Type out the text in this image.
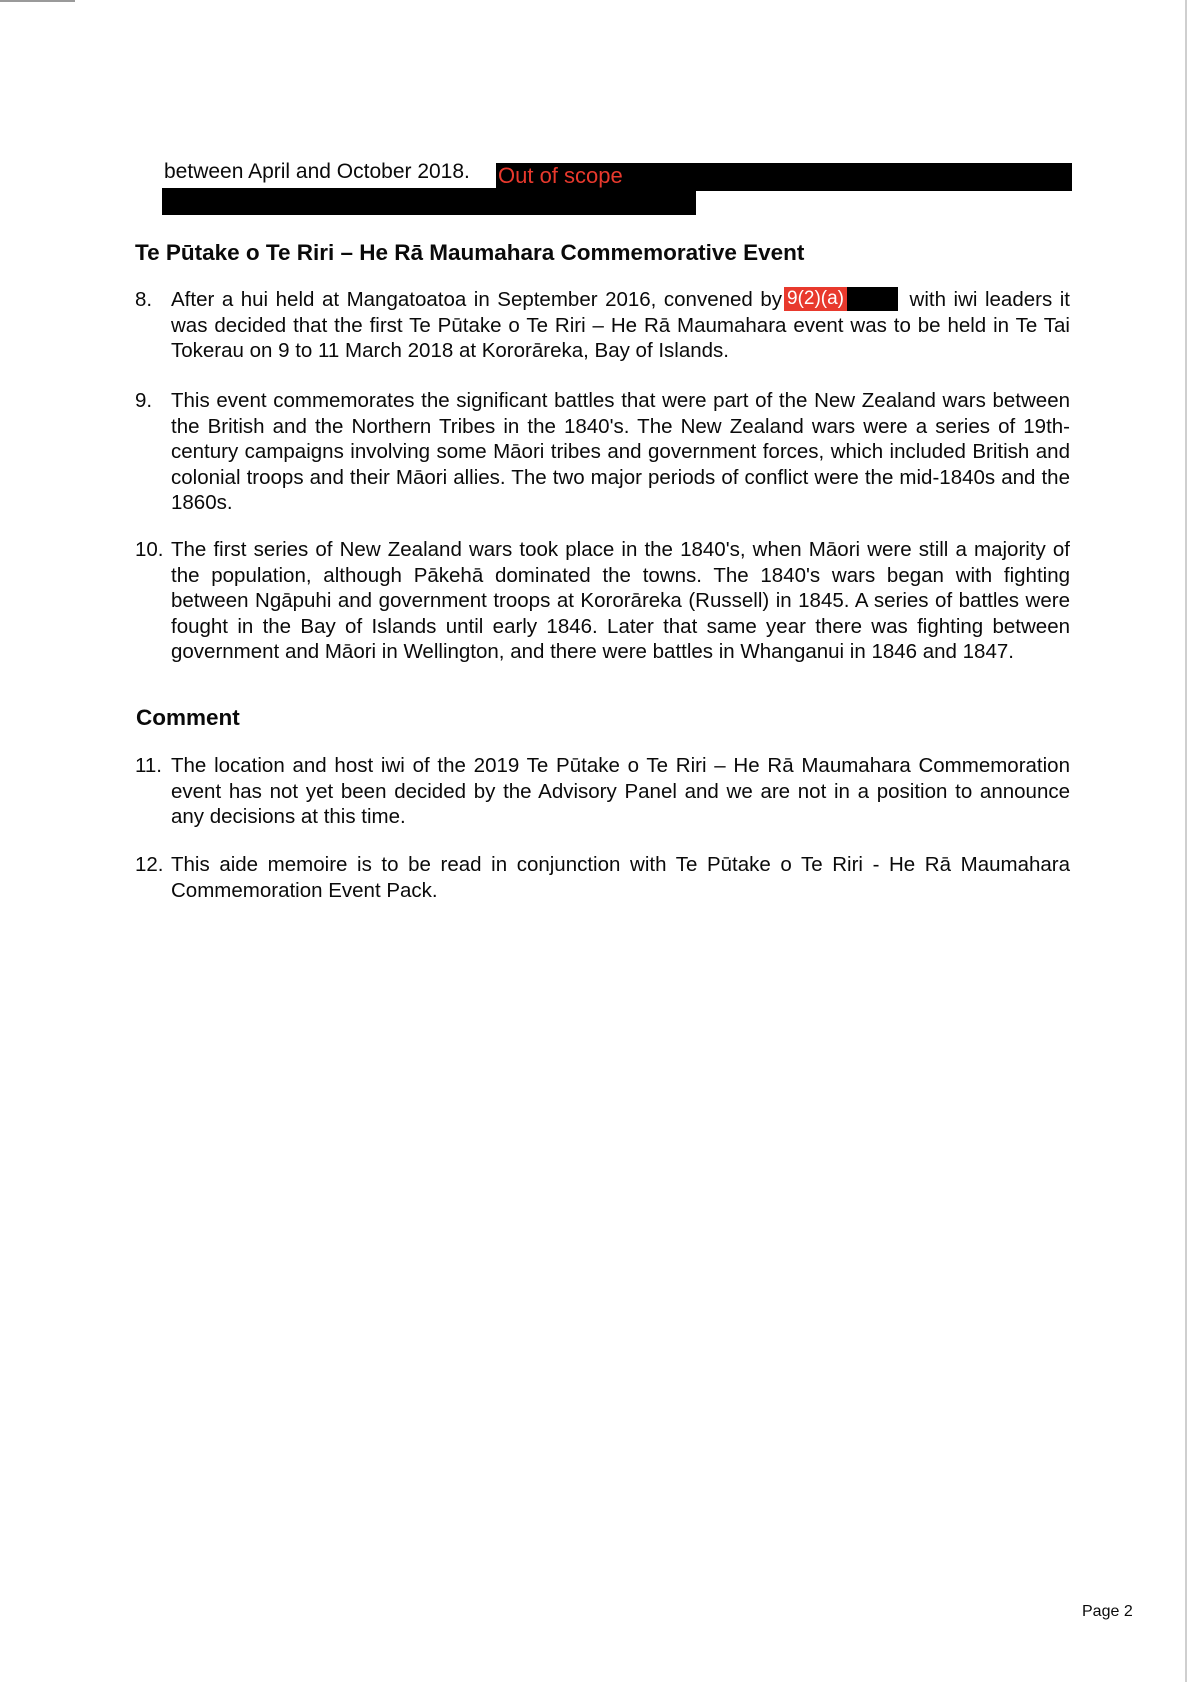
between April and October 2018. Out of scope
Te Pūtake o Te Riri – He Rā Maumahara Commemorative Event
8. After a hui held at Mangatoatoa in September 2016, convened by 9(2)(a)	with iwi leaders it was decided that the first Te Pūtake o Te Riri – He Rā Maumahara event was to be held in Te Tai Tokerau on 9 to 11 March 2018 at Kororāreka, Bay of Islands.
9. This event commemorates the significant battles that were part of the New Zealand wars between the British and the Northern Tribes in the 1840's. The New Zealand wars were a series of 19th-century campaigns involving some Māori tribes and government forces, which included British and colonial troops and their Māori allies. The two major periods of conflict were the mid-1840s and the 1860s.
10. The first series of New Zealand wars took place in the 1840's, when Māori were still a majority of the population, although Pākehā dominated the towns. The 1840's wars began with fighting between Ngāpuhi and government troops at Kororāreka (Russell) in 1845. A series of battles were fought in the Bay of Islands until early 1846. Later that same year there was fighting between government and Māori in Wellington, and there were battles in Whanganui in 1846 and 1847.
Comment
11. The location and host iwi of the 2019 Te Pūtake o Te Riri – He Rā Maumahara Commemoration event has not yet been decided by the Advisory Panel and we are not in a position to announce any decisions at this time.
12. This aide memoire is to be read in conjunction with Te Pūtake o Te Riri - He Rā Maumahara Commemoration Event Pack.
Page 2
